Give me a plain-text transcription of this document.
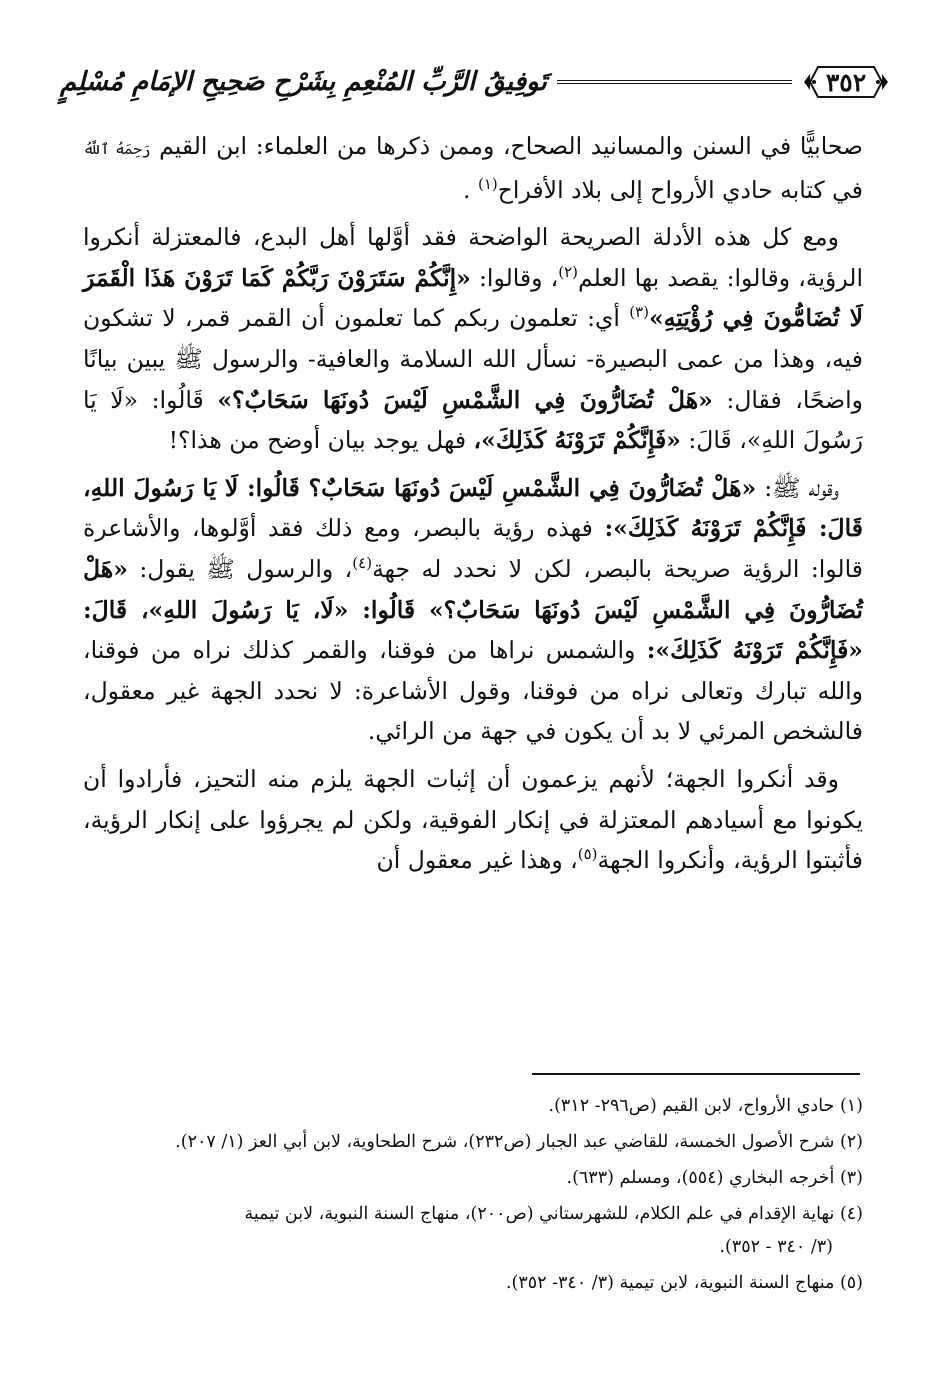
٣٥٢
تَوفِيقُ الرَّبِّ المُنْعِمِ بِشَرْحِ صَحِيحِ الإمَامِ مُسْلِمٍ

صحابيًّا في السنن والمسانيد الصحاح، وممن ذكرها من العلماء: ابن القيم رَحِمَهُ ٱللَّهُ في كتابه حادي الأرواح إلى بلاد الأفراح$^{(١)}$ .

ومع كل هذه الأدلة الصريحة الواضحة فقد أوَّلها أهل البدع، فالمعتزلة أنكروا الرؤية، وقالوا: يقصد بها العلم$^{(٢)}$، وقالوا: «إِنَّكُمْ سَتَرَوْنَ رَبَّكُمْ كَمَا تَرَوْنَ هَذَا الْقَمَرَ لَا تُضَامُّونَ فِي رُؤْيَتِهِ»$^{(٣)}$ أي: تعلمون ربكم كما تعلمون أن القمر قمر، لا تشكون فيه، وهذا من عمى البصيرة- نسأل الله السلامة والعافية- والرسول ﷺ يبين بيانًا واضحًا، فقال: «هَلْ تُضَارُّونَ فِي الشَّمْسِ لَيْسَ دُونَهَا سَحَابٌ؟» قَالُوا: «لَا يَا رَسُولَ اللهِ»، قَالَ: «فَإِنَّكُمْ تَرَوْنَهُ كَذَلِكَ»، فهل يوجد بيان أوضح من هذا؟!

وقوله ﷺ: «هَلْ تُضَارُّونَ فِي الشَّمْسِ لَيْسَ دُونَهَا سَحَابٌ؟ قَالُوا: لَا يَا رَسُولَ اللهِ، قَالَ: فَإِنَّكُمْ تَرَوْنَهُ كَذَلِكَ»: فهذه رؤية بالبصر، ومع ذلك فقد أوَّلوها، والأشاعرة قالوا: الرؤية صريحة بالبصر، لكن لا نحدد له جهة$^{(٤)}$، والرسول ﷺ يقول: «هَلْ تُضَارُّونَ فِي الشَّمْسِ لَيْسَ دُونَهَا سَحَابٌ؟» قَالُوا: «لَا، يَا رَسُولَ اللهِ»، قَالَ: «فَإِنَّكُمْ تَرَوْنَهُ كَذَلِكَ»: والشمس نراها من فوقنا، والقمر كذلك نراه من فوقنا، والله تبارك وتعالى نراه من فوقنا، وقول الأشاعرة: لا نحدد الجهة غير معقول، فالشخص المرئي لا بد أن يكون في جهة من الرائي.

وقد أنكروا الجهة؛ لأنهم يزعمون أن إثبات الجهة يلزم منه التحيز، فأرادوا أن يكونوا مع أسيادهم المعتزلة في إنكار الفوقية، ولكن لم يجرؤوا على إنكار الرؤية، فأثبتوا الرؤية، وأنكروا الجهة$^{(٥)}$، وهذا غير معقول أن

(١) حادي الأرواح، لابن القيم (ص٢٩٦- ٣١٢).

(٢) شرح الأصول الخمسة، للقاضي عبد الجبار (ص٢٣٢)، شرح الطحاوية، لابن أبي العز (١/ ٢٠٧).

(٣) أخرجه البخاري (٥٥٤)، ومسلم (٦٣٣).

(٤) نهاية الإقدام في علم الكلام، للشهرستاني (ص٢٠٠)، منهاج السنة النبوية، لابن تيمية
(٣/ ٣٤٠ - ٣٥٢).

(٥) منهاج السنة النبوية، لابن تيمية (٣/ ٣٤٠- ٣٥٢).
